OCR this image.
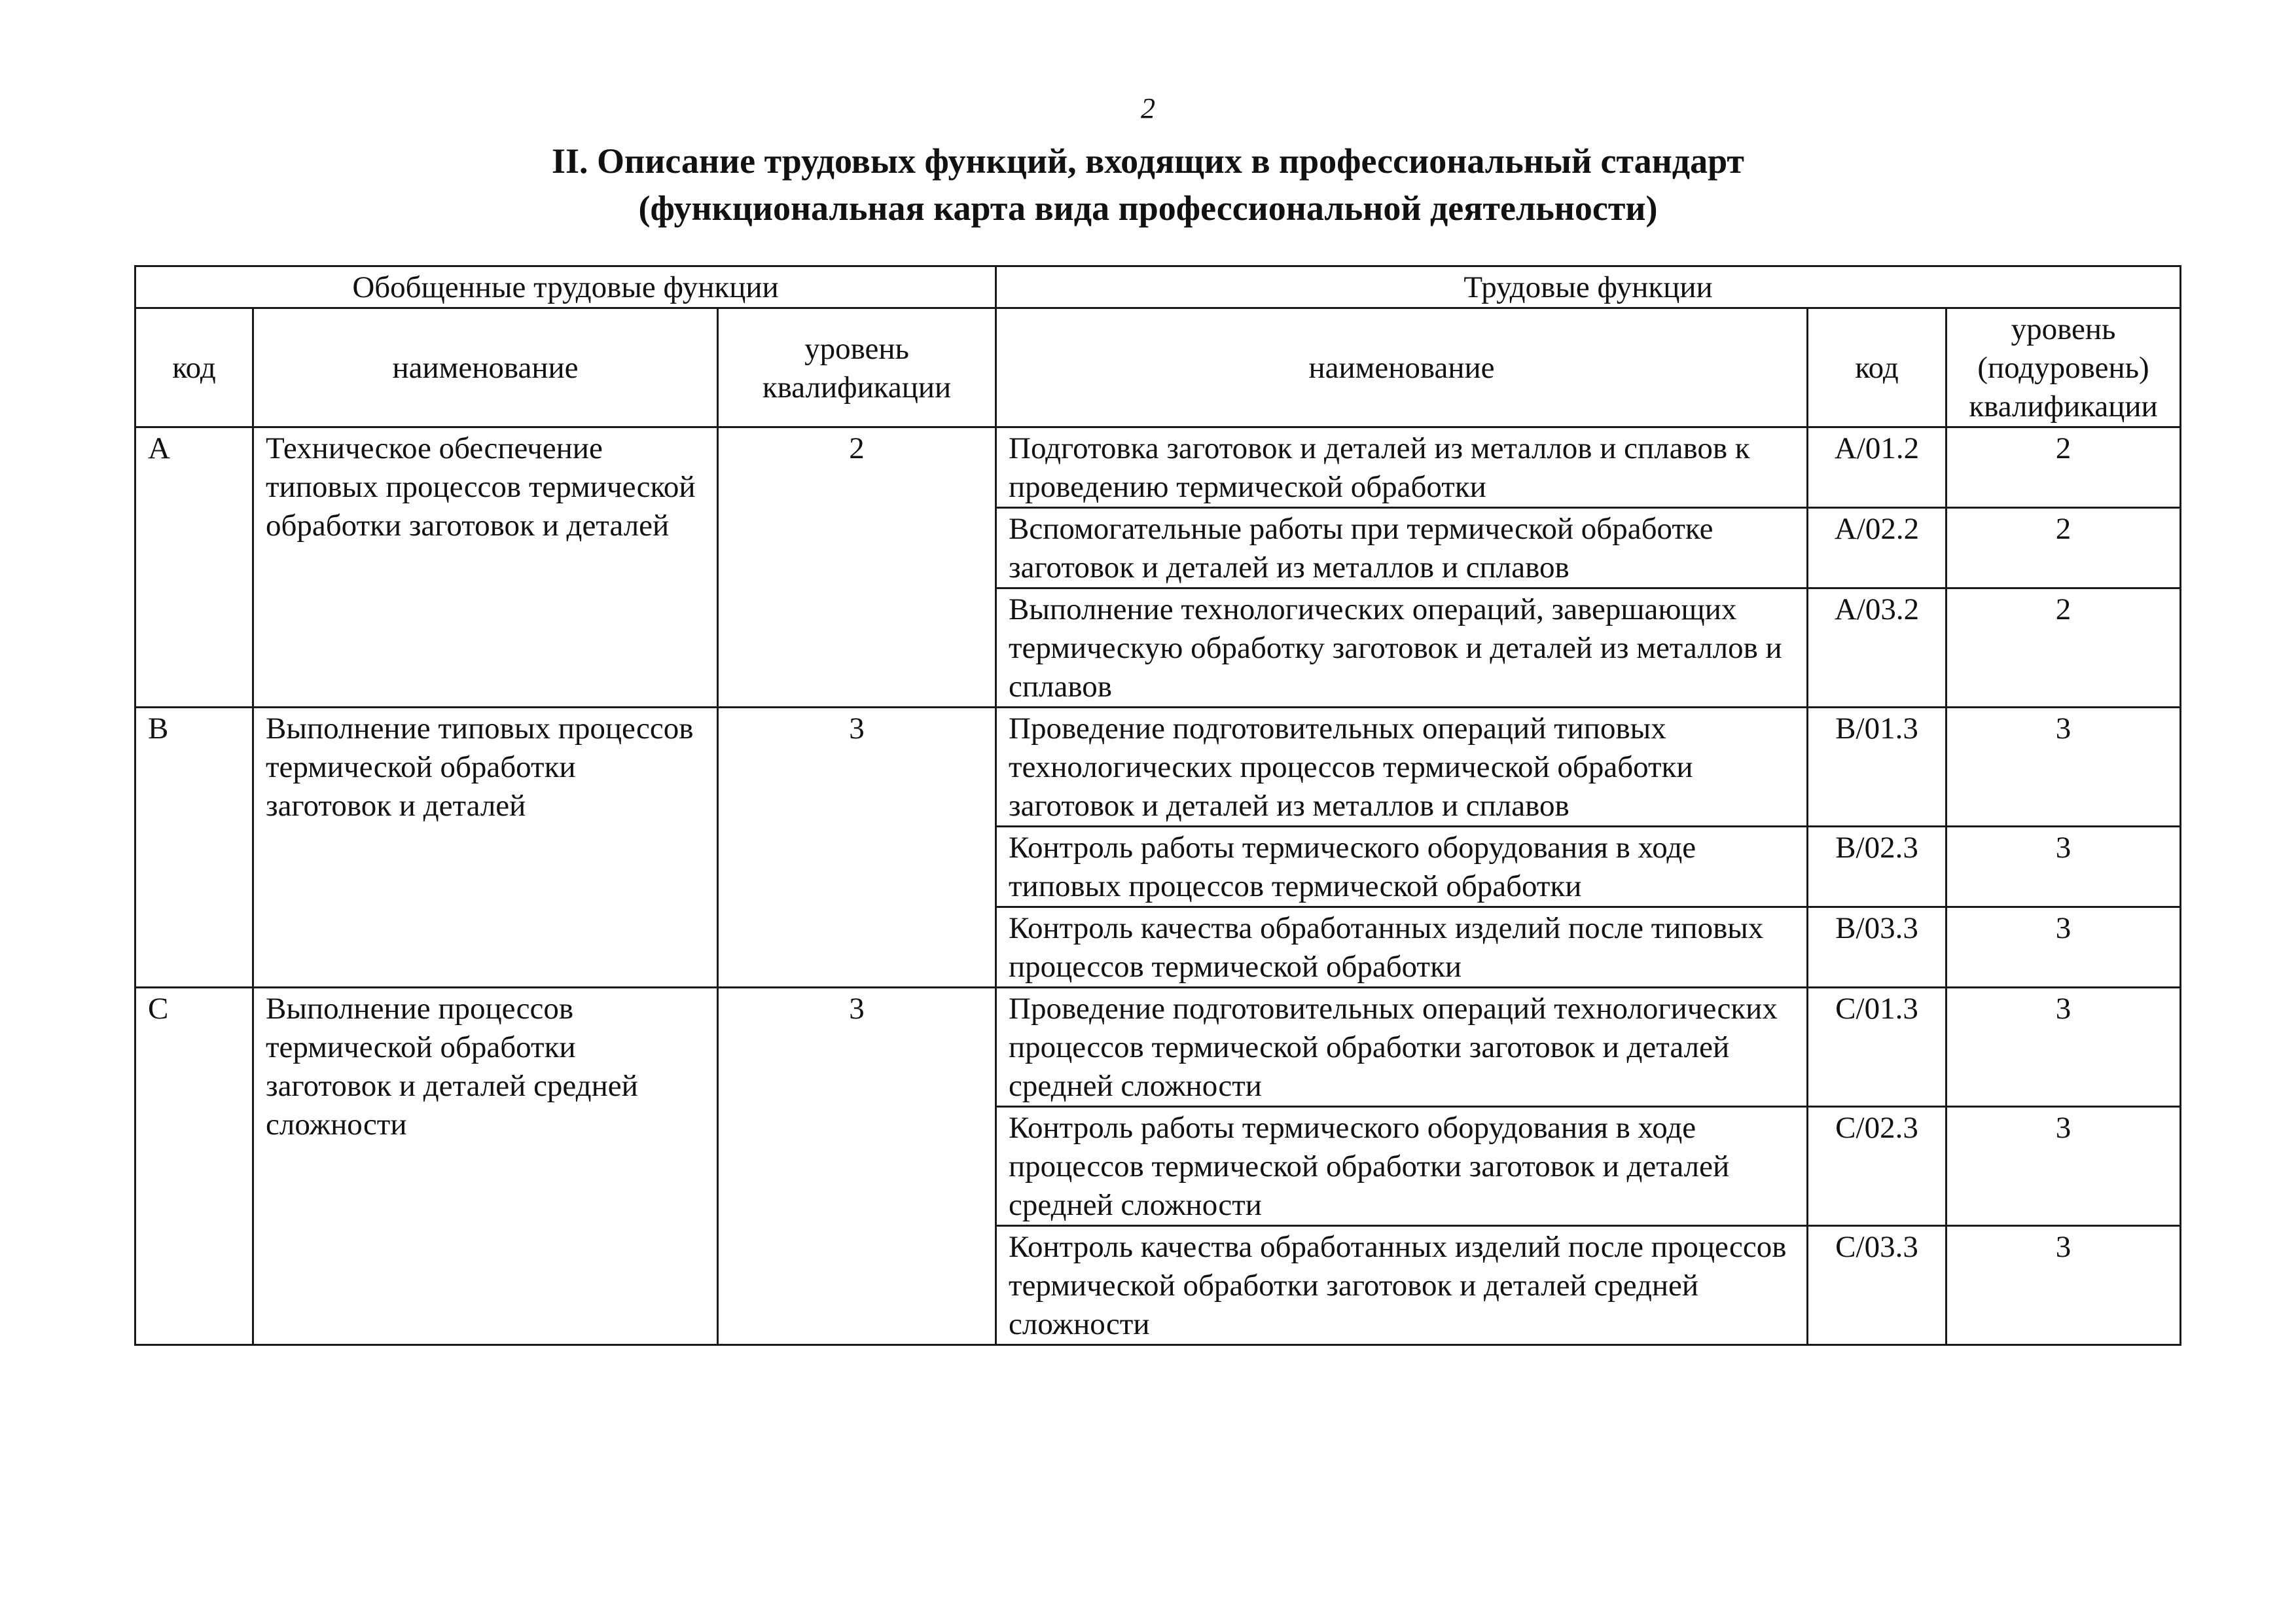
2
II. Описание трудовых функций, входящих в профессиональный стандарт
(функциональная карта вида профессиональной деятельности)
Обобщенные трудовые функции			Трудовые функции		
код	наименование	уровень квалификации	наименование	код	уровень (подуровень) квалификации
A	Техническое обеспечение типовых процессов термической обработки заготовок и деталей	2	Подготовка заготовок и деталей из металлов и сплавов к проведению термической обработки	A/01.2	2
			Вспомогательные работы при термической обработке заготовок и деталей из металлов и сплавов	A/02.2	2
			Выполнение технологических операций, завершающих термическую обработку заготовок и деталей из металлов и сплавов	A/03.2	2
B	Выполнение типовых процессов термической обработки заготовок и деталей	3	Проведение подготовительных операций типовых технологических процессов термической обработки заготовок и деталей из металлов и сплавов	B/01.3	3
			Контроль работы термического оборудования в ходе типовых процессов термической обработки	B/02.3	3
			Контроль качества обработанных изделий после типовых процессов термической обработки	B/03.3	3
C	Выполнение процессов термической обработки заготовок и деталей средней сложности	3	Проведение подготовительных операций технологических процессов термической обработки заготовок и деталей средней сложности	C/01.3	3
			Контроль работы термического оборудования в ходе процессов термической обработки заготовок и деталей средней сложности	C/02.3	3
			Контроль качества обработанных изделий после процессов термической обработки заготовок и деталей средней сложности	C/03.3	3
